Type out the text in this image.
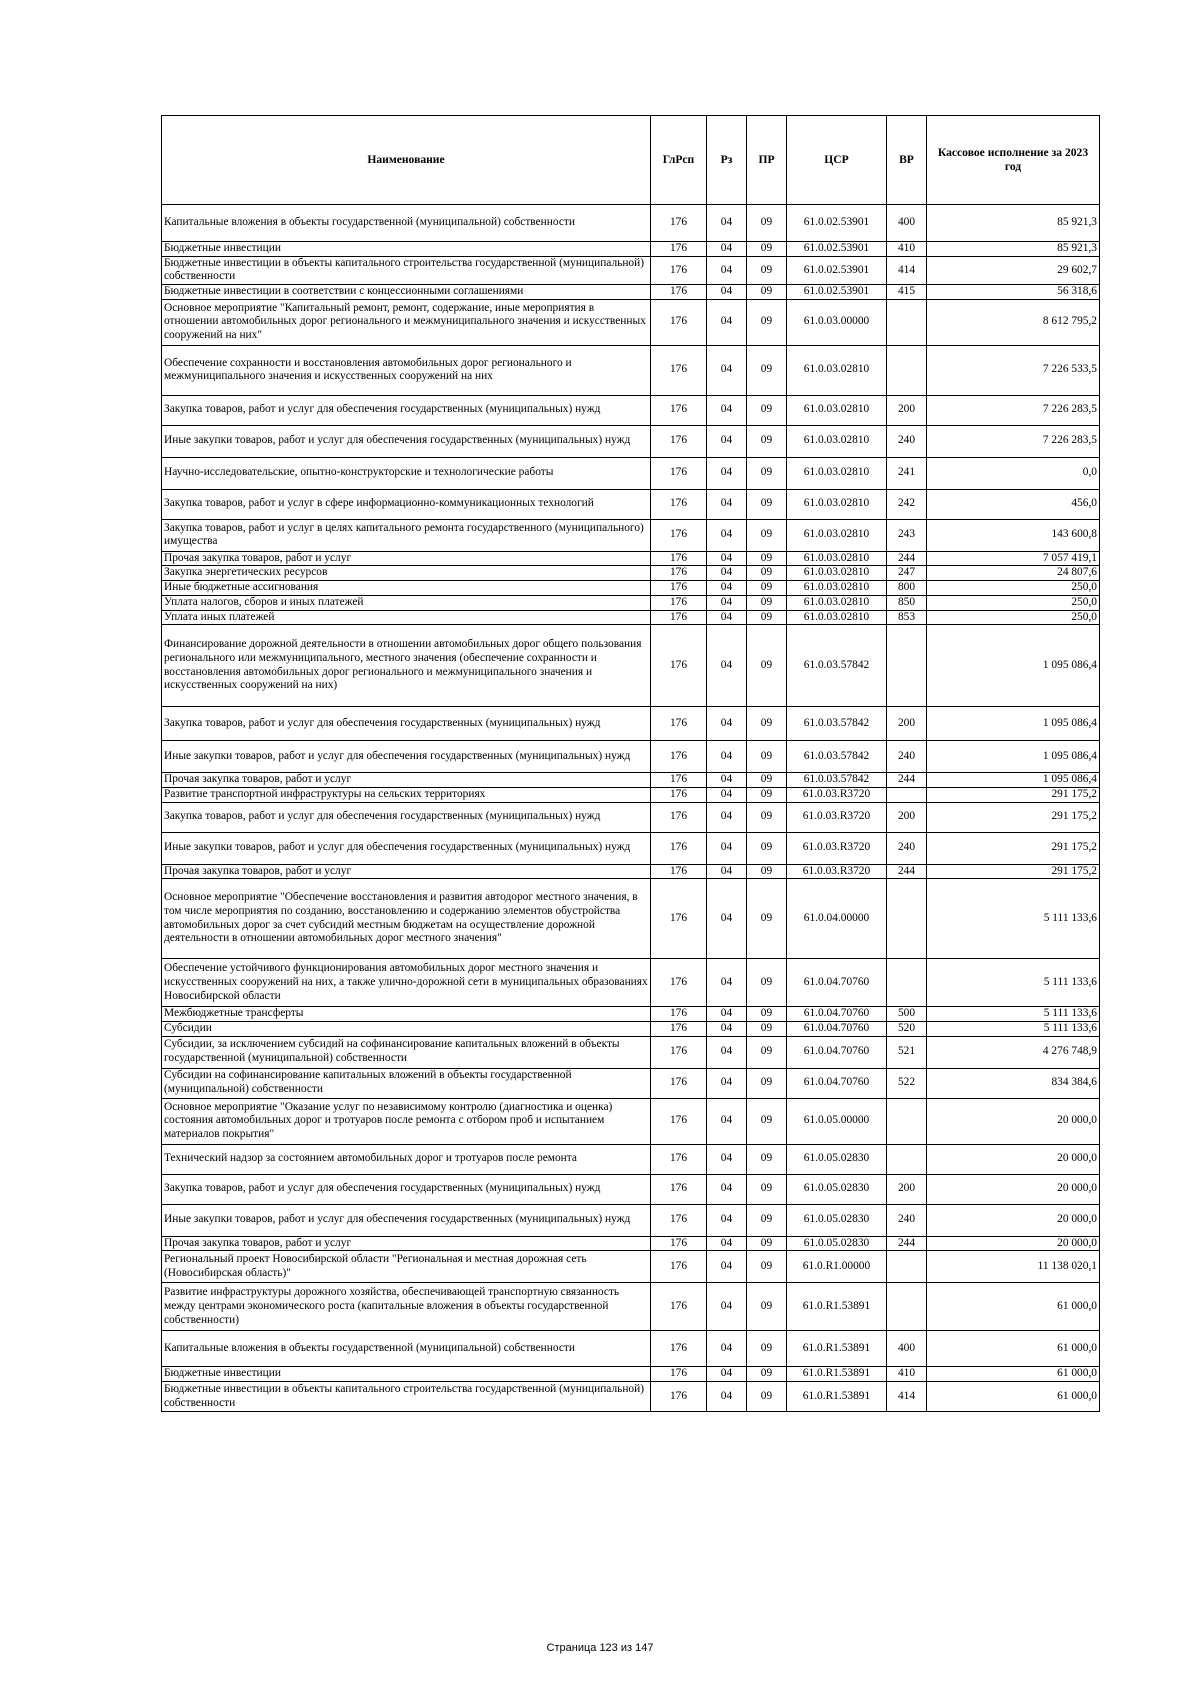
Наименование	ГлРсп	Рз	ПР	ЦСР	ВР	Кассовое исполнение за 2023 год
Капитальные вложения в объекты государственной (муниципальной) собственности	176	04	09	61.0.02.53901	400	85 921,3
Бюджетные инвестиции	176	04	09	61.0.02.53901	410	85 921,3
Бюджетные инвестиции в объекты капитального строительства государственной (муниципальной) собственности	176	04	09	61.0.02.53901	414	29 602,7
Бюджетные инвестиции в соответствии с концессионными соглашениями	176	04	09	61.0.02.53901	415	56 318,6
Основное мероприятие "Капитальный ремонт, ремонт, содержание, иные мероприятия в отношении автомобильных дорог регионального и межмуниципального значения и искусственных сооружений на них"	176	04	09	61.0.03.00000		8 612 795,2
Обеспечение сохранности и восстановления автомобильных дорог регионального и межмуниципального значения и искусственных сооружений на них	176	04	09	61.0.03.02810		7 226 533,5
Закупка товаров, работ и услуг для обеспечения государственных (муниципальных) нужд	176	04	09	61.0.03.02810	200	7 226 283,5
Иные закупки товаров, работ и услуг для обеспечения государственных (муниципальных) нужд	176	04	09	61.0.03.02810	240	7 226 283,5
Научно-исследовательские, опытно-конструкторские и технологические работы	176	04	09	61.0.03.02810	241	0,0
Закупка товаров, работ и услуг в сфере информационно-коммуникационных технологий	176	04	09	61.0.03.02810	242	456,0
Закупка товаров, работ и услуг в целях капитального ремонта государственного (муниципального) имущества	176	04	09	61.0.03.02810	243	143 600,8
Прочая закупка товаров, работ и услуг	176	04	09	61.0.03.02810	244	7 057 419,1
Закупка энергетических ресурсов	176	04	09	61.0.03.02810	247	24 807,6
Иные бюджетные ассигнования	176	04	09	61.0.03.02810	800	250,0
Уплата налогов, сборов и иных платежей	176	04	09	61.0.03.02810	850	250,0
Уплата иных платежей	176	04	09	61.0.03.02810	853	250,0
Финансирование дорожной деятельности в отношении автомобильных дорог общего пользования регионального или межмуниципального, местного значения (обеспечение сохранности и восстановления автомобильных дорог регионального и межмуниципального значения и искусственных сооружений на них)	176	04	09	61.0.03.57842		1 095 086,4
Закупка товаров, работ и услуг для обеспечения государственных (муниципальных) нужд	176	04	09	61.0.03.57842	200	1 095 086,4
Иные закупки товаров, работ и услуг для обеспечения государственных (муниципальных) нужд	176	04	09	61.0.03.57842	240	1 095 086,4
Прочая закупка товаров, работ и услуг	176	04	09	61.0.03.57842	244	1 095 086,4
Развитие транспортной инфраструктуры на сельских территориях	176	04	09	61.0.03.R3720		291 175,2
Закупка товаров, работ и услуг для обеспечения государственных (муниципальных) нужд	176	04	09	61.0.03.R3720	200	291 175,2
Иные закупки товаров, работ и услуг для обеспечения государственных (муниципальных) нужд	176	04	09	61.0.03.R3720	240	291 175,2
Прочая закупка товаров, работ и услуг	176	04	09	61.0.03.R3720	244	291 175,2
Основное мероприятие "Обеспечение восстановления и развития автодорог местного значения, в том числе мероприятия по созданию, восстановлению и содержанию элементов обустройства автомобильных дорог за счет субсидий местным бюджетам на осуществление дорожной деятельности в отношении автомобильных дорог местного значения"	176	04	09	61.0.04.00000		5 111 133,6
Обеспечение устойчивого функционирования автомобильных дорог местного значения и искусственных сооружений на них, а также улично-дорожной сети в муниципальных образованиях Новосибирской области	176	04	09	61.0.04.70760		5 111 133,6
Межбюджетные трансферты	176	04	09	61.0.04.70760	500	5 111 133,6
Субсидии	176	04	09	61.0.04.70760	520	5 111 133,6
Субсидии, за исключением субсидий на софинансирование капитальных вложений в объекты государственной (муниципальной) собственности	176	04	09	61.0.04.70760	521	4 276 748,9
Субсидии на софинансирование капитальных вложений в объекты государственной (муниципальной) собственности	176	04	09	61.0.04.70760	522	834 384,6
Основное мероприятие "Оказание услуг по независимому контролю (диагностика и оценка) состояния автомобильных дорог и тротуаров после ремонта с отбором проб и испытанием материалов покрытия"	176	04	09	61.0.05.00000		20 000,0
Технический надзор за состоянием автомобильных дорог и тротуаров после ремонта	176	04	09	61.0.05.02830		20 000,0
Закупка товаров, работ и услуг для обеспечения государственных (муниципальных) нужд	176	04	09	61.0.05.02830	200	20 000,0
Иные закупки товаров, работ и услуг для обеспечения государственных (муниципальных) нужд	176	04	09	61.0.05.02830	240	20 000,0
Прочая закупка товаров, работ и услуг	176	04	09	61.0.05.02830	244	20 000,0
Региональный проект Новосибирской области "Региональная и местная дорожная сеть (Новосибирская область)"	176	04	09	61.0.R1.00000		11 138 020,1
Развитие инфраструктуры дорожного хозяйства, обеспечивающей транспортную связанность между центрами экономического роста (капитальные вложения в объекты государственной собственности)	176	04	09	61.0.R1.53891		61 000,0
Капитальные вложения в объекты государственной (муниципальной) собственности	176	04	09	61.0.R1.53891	400	61 000,0
Бюджетные инвестиции	176	04	09	61.0.R1.53891	410	61 000,0
Бюджетные инвестиции в объекты капитального строительства государственной (муниципальной) собственности	176	04	09	61.0.R1.53891	414	61 000,0
Страница 123 из 147
